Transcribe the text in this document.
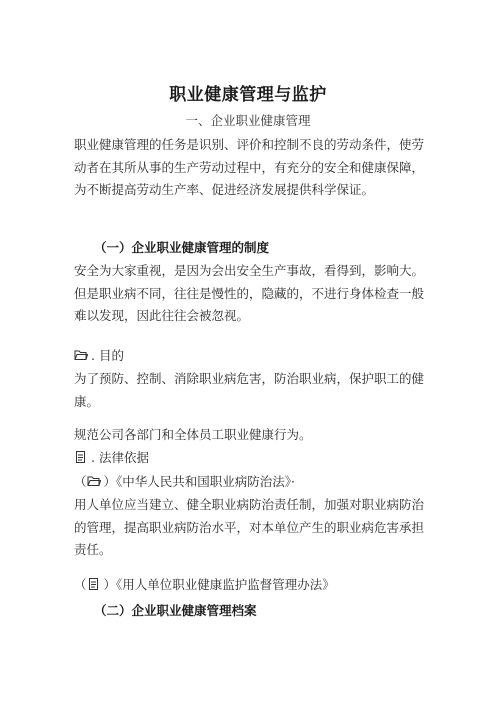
职业健康管理与监护
一、企业职业健康管理

职业健康管理的任务是识别、评价和控制不良的劳动条件，使劳动者在其所从事的生产劳动过程中，有充分的安全和健康保障，为不断提高劳动生产率、促进经济发展提供科学保证。

（一）企业职业健康管理的制度

安全为大家重视，是因为会出安全生产事故，看得到，影响大。但是职业病不同，往往是慢性的，隐藏的，不进行身体检查一般难以发现，因此往往会被忽视。

. 目的

为了预防、控制、消除职业病危害，防治职业病，保护职工的健康。

规范公司各部门和全体员工职业健康行为。
. 法律依据
（ ）《中华人民共和国职业病防治法》·

用人单位应当建立、健全职业病防治责任制，加强对职业病防治的管理，提高职业病防治水平，对本单位产生的职业病危害承担责任。

（ ）《用人单位职业健康监护监督管理办法》
（二）企业职业健康管理档案
